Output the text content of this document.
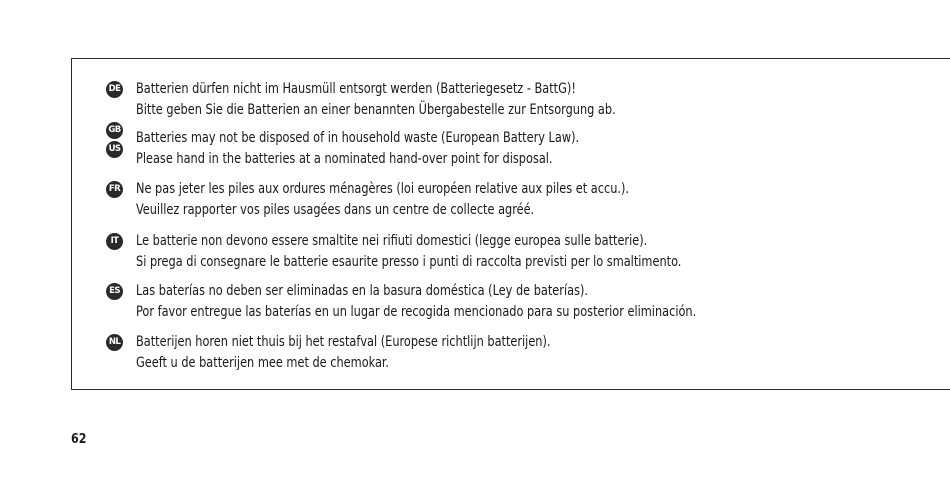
DE Batterien dürfen nicht im Hausmüll entsorgt werden (Batteriegesetz - BattG)!
Bitte geben Sie die Batterien an einer benannten Übergabestelle zur Entsorgung ab.
GB
US
Batteries may not be disposed of in household waste (European Battery Law).
Please hand in the batteries at a nominated hand-over point for disposal.
FR Ne pas jeter les piles aux ordures ménagères (loi européen relative aux piles et accu.).
Veuillez rapporter vos piles usagées dans un centre de collecte agréé.
IT	Le batterie non devono essere smaltite nei rifiuti domestici (legge europea sulle batterie).
Si prega di consegnare le batterie esaurite presso i punti di raccolta previsti per lo smaltimento.
ES Las baterías no deben ser eliminadas en la basura doméstica (Ley de baterías).
Por favor entregue las baterías en un lugar de recogida mencionado para su posterior eliminación.
NL Batterijen horen niet thuis bij het restafval (Europese richtlijn batterijen).
Geeft u de batterijen mee met de chemokar.
62
